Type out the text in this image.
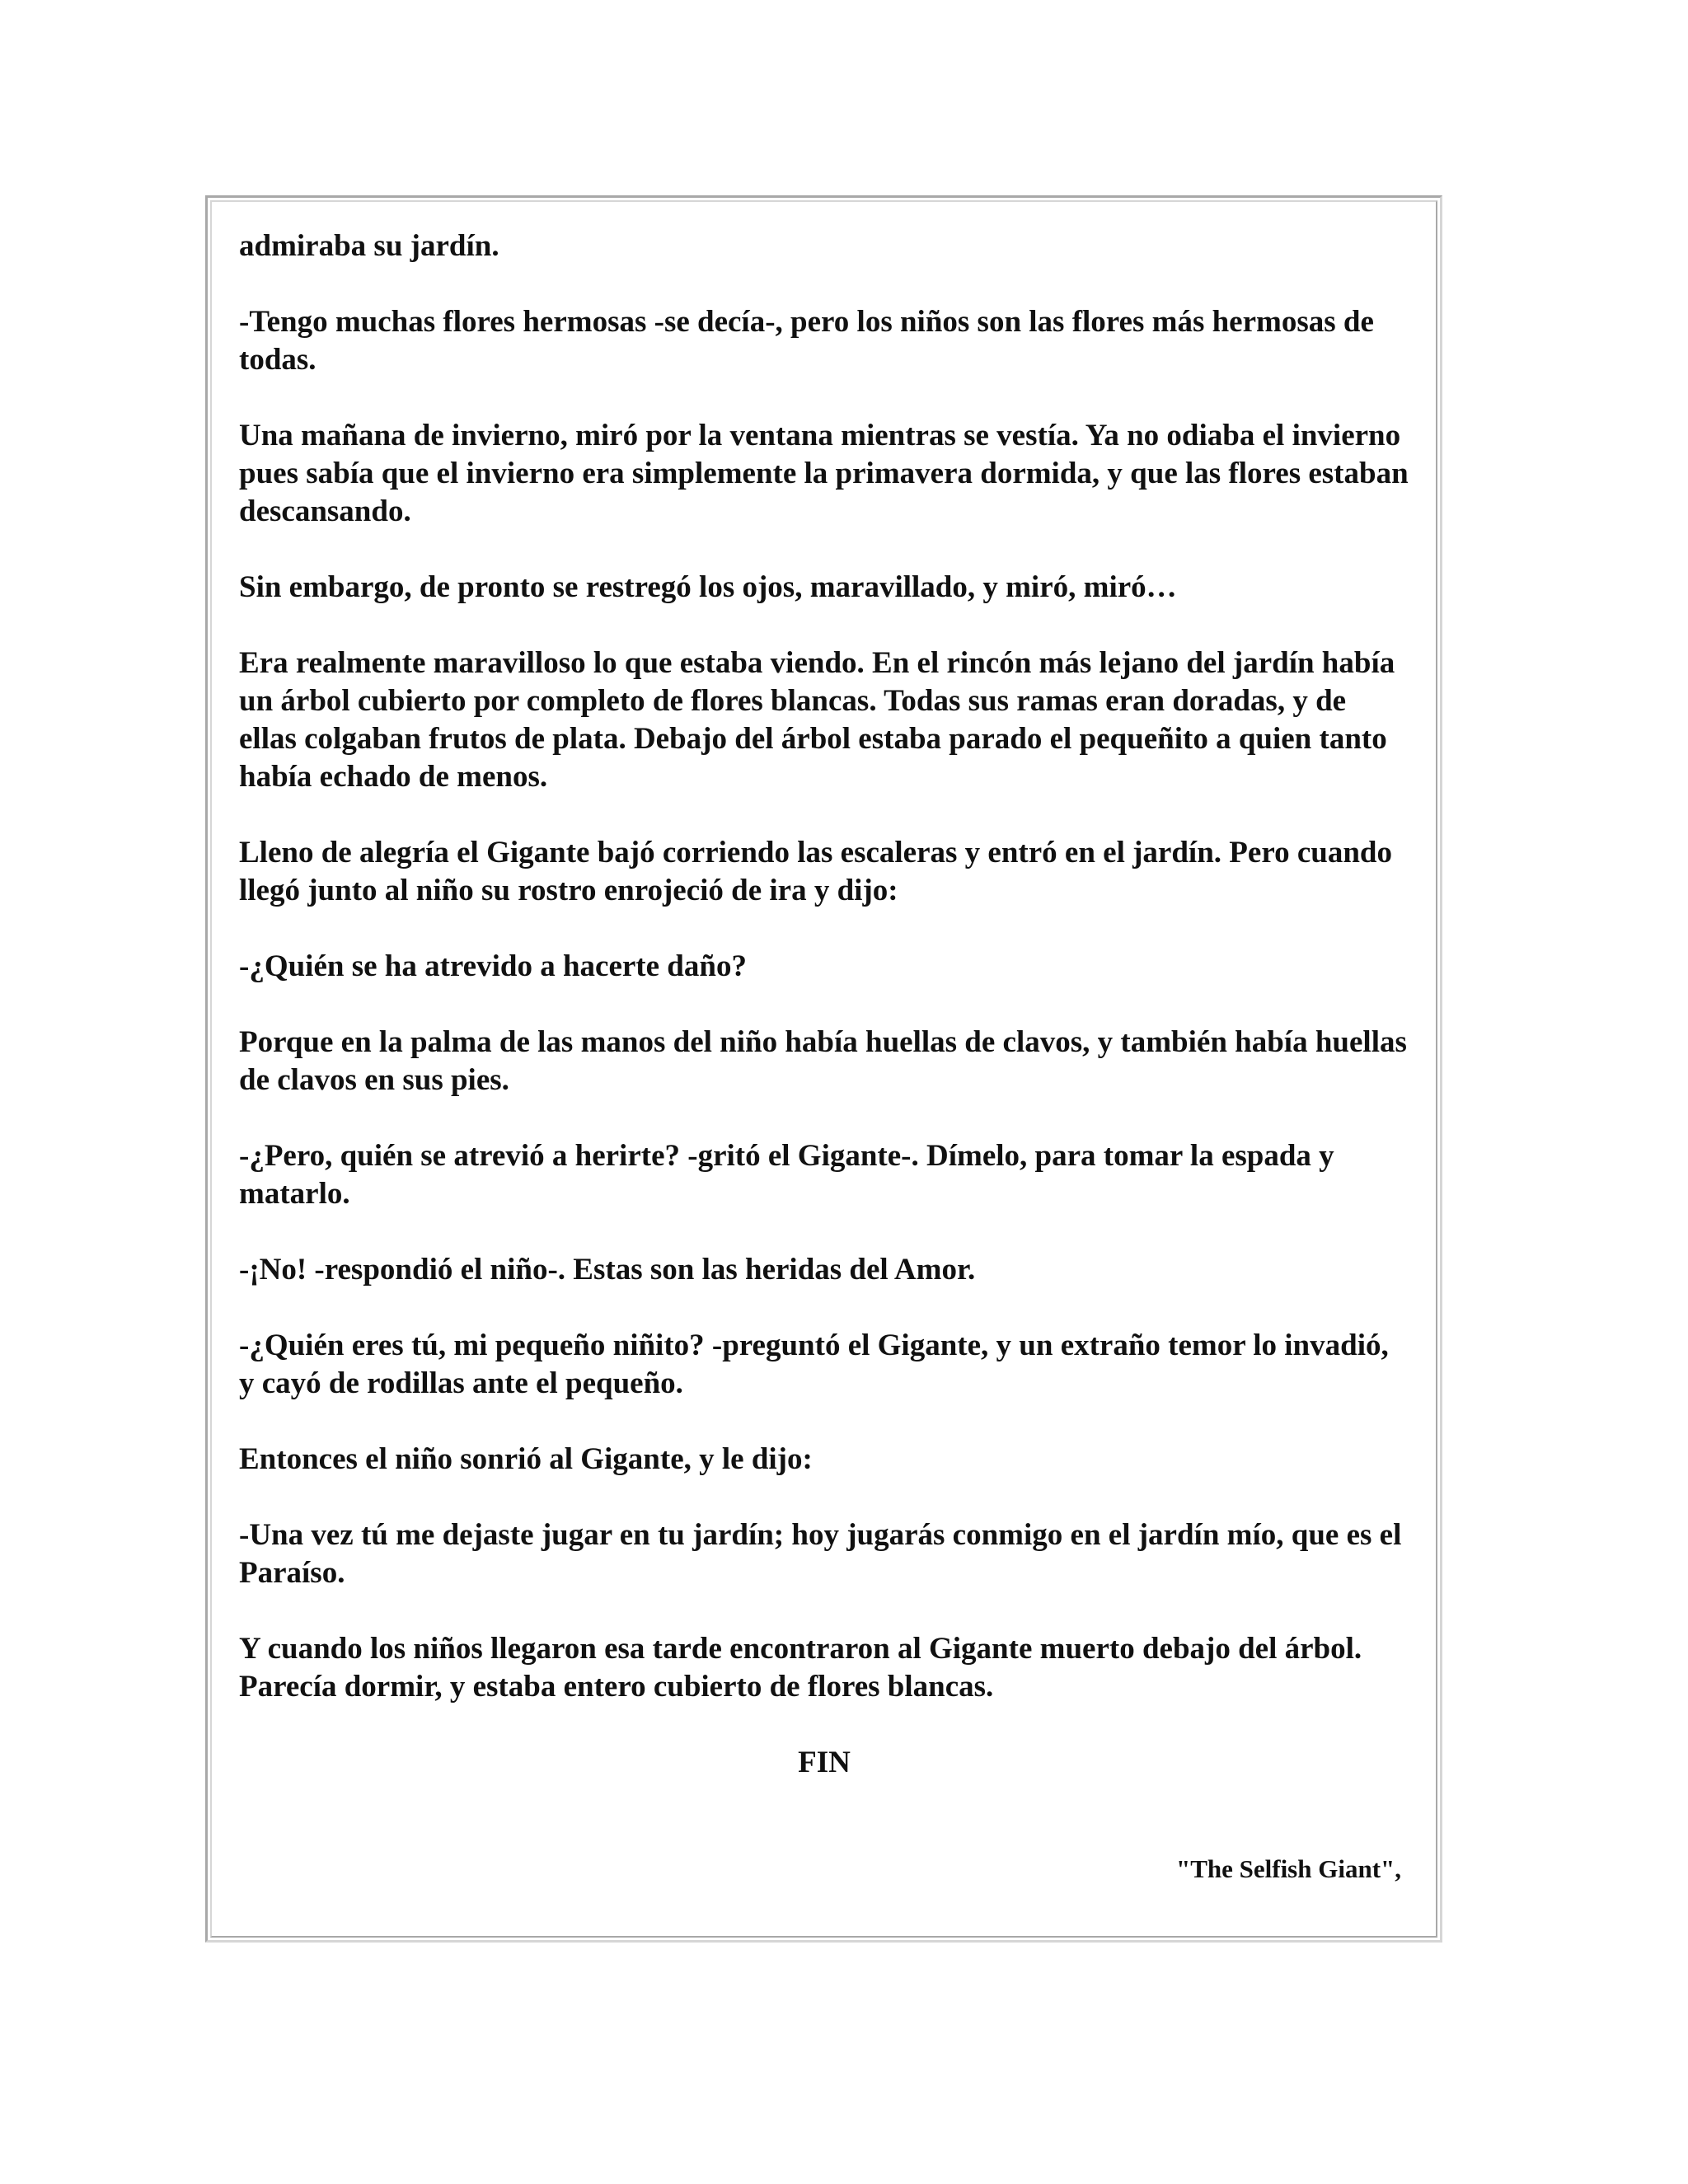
admiraba su jardín.

-Tengo muchas flores hermosas -se decía-, pero los niños son las flores más hermosas de todas.

Una mañana de invierno, miró por la ventana mientras se vestía. Ya no odiaba el invierno pues sabía que el invierno era simplemente la primavera dormida, y que las flores estaban descansando.

Sin embargo, de pronto se restregó los ojos, maravillado, y miró, miró…

Era realmente maravilloso lo que estaba viendo. En el rincón más lejano del jardín había un árbol cubierto por completo de flores blancas. Todas sus ramas eran doradas, y de ellas colgaban frutos de plata. Debajo del árbol estaba parado el pequeñito a quien tanto había echado de menos.

Lleno de alegría el Gigante bajó corriendo las escaleras y entró en el jardín. Pero cuando llegó junto al niño su rostro enrojeció de ira y dijo:

-¿Quién se ha atrevido a hacerte daño?

Porque en la palma de las manos del niño había huellas de clavos, y también había huellas de clavos en sus pies.

-¿Pero, quién se atrevió a herirte? -gritó el Gigante-. Dímelo, para tomar la espada y matarlo.

-¡No! -respondió el niño-. Estas son las heridas del Amor.

-¿Quién eres tú, mi pequeño niñito? -preguntó el Gigante, y un extraño temor lo invadió, y cayó de rodillas ante el pequeño.

Entonces el niño sonrió al Gigante, y le dijo:

-Una vez tú me dejaste jugar en tu jardín; hoy jugarás conmigo en el jardín mío, que es el Paraíso.

Y cuando los niños llegaron esa tarde encontraron al Gigante muerto debajo del árbol. Parecía dormir, y estaba entero cubierto de flores blancas.

FIN

"The Selfish Giant",
